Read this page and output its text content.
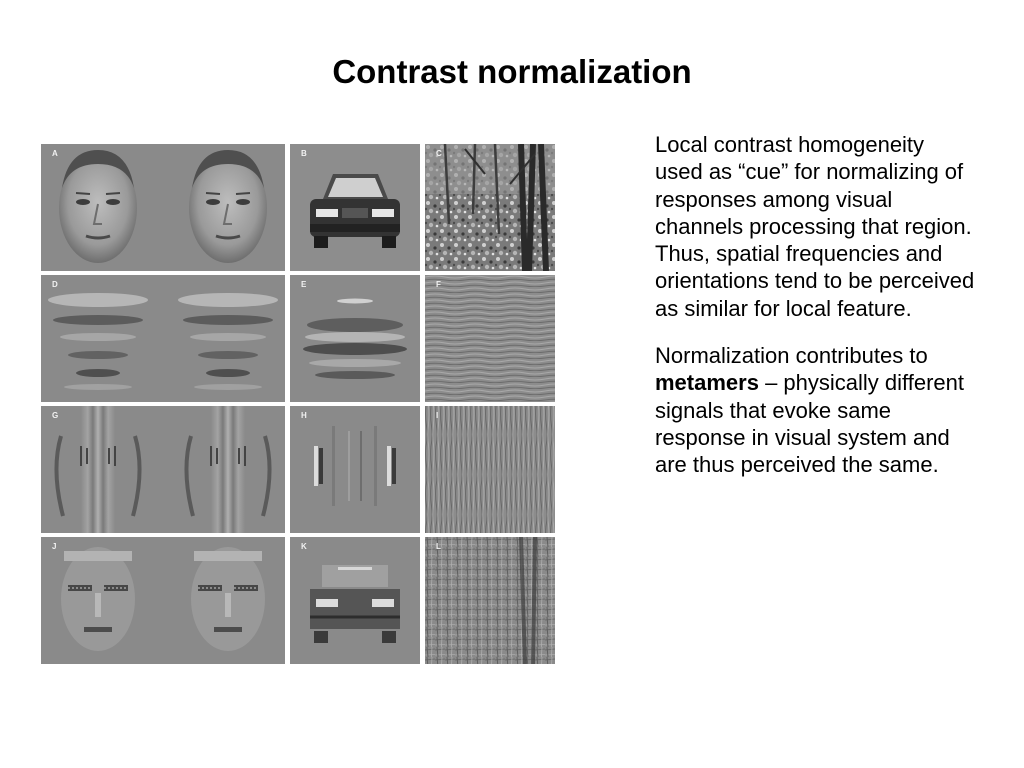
Contrast normalization
A	B	C
D	E	F
G	H	I
J	K	L

Local contrast homogeneity used as “cue” for normalizing of responses among visual channels processing that region. Thus, spatial frequencies and orientations tend to be perceived as similar for local feature.

Normalization contributes to metamers – physically different signals that evoke same response in visual system and are thus perceived the same.
